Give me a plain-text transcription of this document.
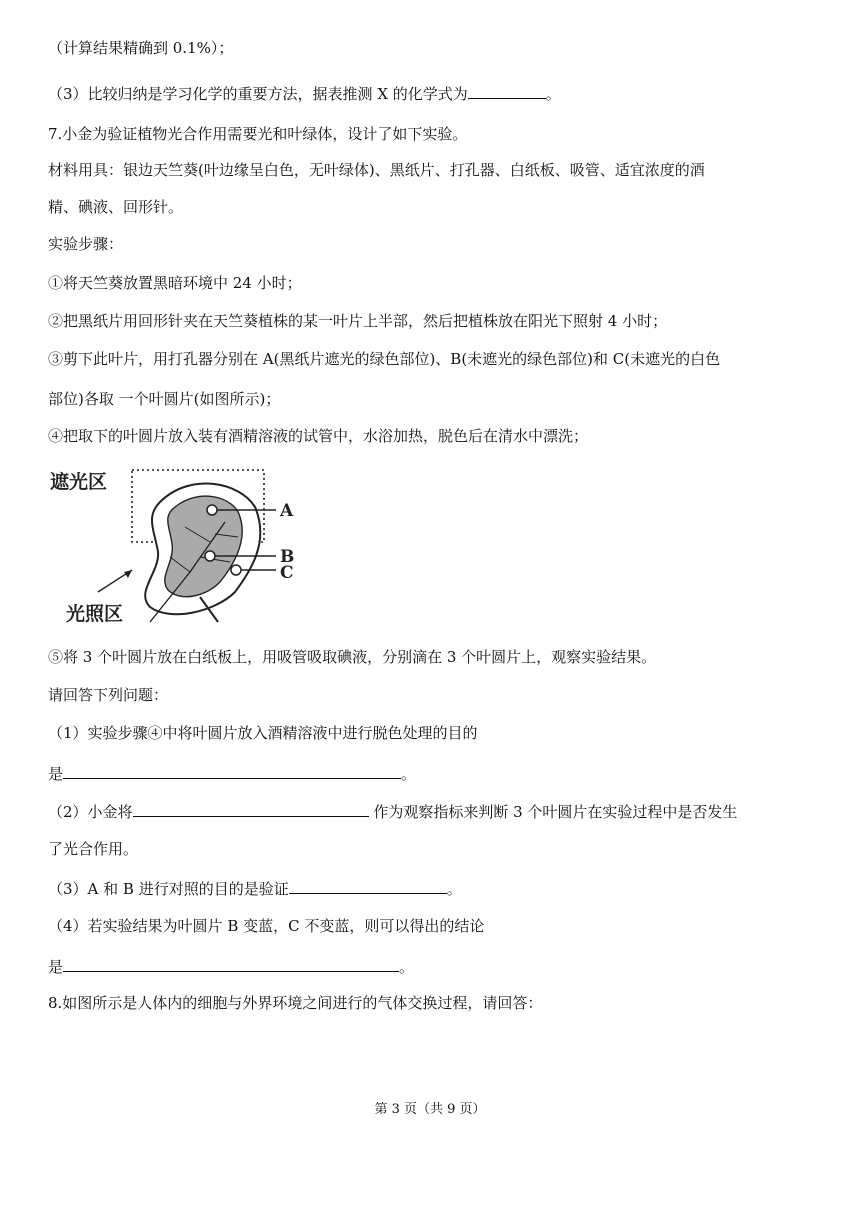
（计算结果精确到 0.1%）；
（3）比较归纳是学习化学的重要方法，据表推测 X 的化学式为	。
7.小金为验证植物光合作用需要光和叶绿体，设计了如下实验。
材料用具：银边天竺葵(叶边缘呈白色，无叶绿体)、黑纸片、打孔器、白纸板、吸管、适宜浓度的酒
精、碘液、回形针。
实验步骤：
①将天竺葵放置黑暗环境中 24 小时；
②把黑纸片用回形针夹在天竺葵植株的某一叶片上半部，然后把植株放在阳光下照射 4 小时；
③剪下此叶片，用打孔器分别在 A(黑纸片遮光的绿色部位)、B(未遮光的绿色部位)和 C(未遮光的白色
部位)各取 一个叶圆片(如图所示)；
④把取下的叶圆片放入装有酒精溶液的试管中，水浴加热，脱色后在清水中漂洗；
遮光区
光照区
A
B
C
⑤将 3 个叶圆片放在白纸板上，用吸管吸取碘液，分别滴在 3 个叶圆片上，观察实验结果。
请回答下列问题：
（1）实验步骤④中将叶圆片放入酒精溶液中进行脱色处理的目的
是	。
（2）小金将	作为观察指标来判断 3 个叶圆片在实验过程中是否发生
了光合作用。
（3）A 和 B 进行对照的目的是验证	。
（4）若实验结果为叶圆片 B 变蓝，C 不变蓝，则可以得出的结论
是	。
8.如图所示是人体内的细胞与外界环境之间进行的气体交换过程，请回答：
第 3 页（共 9 页）
